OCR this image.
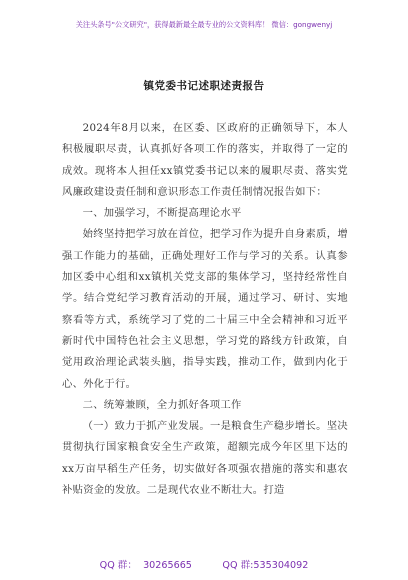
关注头条号"公文研究"，获得最新最全最专业的公文资料库！ 微信：gongwenyj
镇党委书记述职述责报告

2024年8月以来，在区委、区政府的正确领导下，本人积极履职尽责，认真抓好各项工作的落实，并取得了一定的成效。现将本人担任xx镇党委书记以来的履职尽责、落实党风廉政建设责任制和意识形态工作责任制情况报告如下：

一、加强学习，不断提高理论水平

始终坚持把学习放在首位，把学习作为提升自身素质，增强工作能力的基础，正确处理好工作与学习的关系。认真参加区委中心组和xx镇机关党支部的集体学习，坚持经常性自学。结合党纪学习教育活动的开展，通过学习、研讨、实地察看等方式，系统学习了党的二十届三中全会精神和习近平新时代中国特色社会主义思想，学习党的路线方针政策，自觉用政治理论武装头脑，指导实践，推动工作，做到内化于心、外化于行。

二、统筹兼顾，全力抓好各项工作

（一）致力于抓产业发展。一是粮食生产稳步增长。坚决贯彻执行国家粮食安全生产政策，超额完成今年区里下达的xx万亩早稻生产任务，切实做好各项强农措施的落实和惠农补贴资金的发放。二是现代农业不断壮大。打造

QQ 群：  30265665	QQ 群:535304092
